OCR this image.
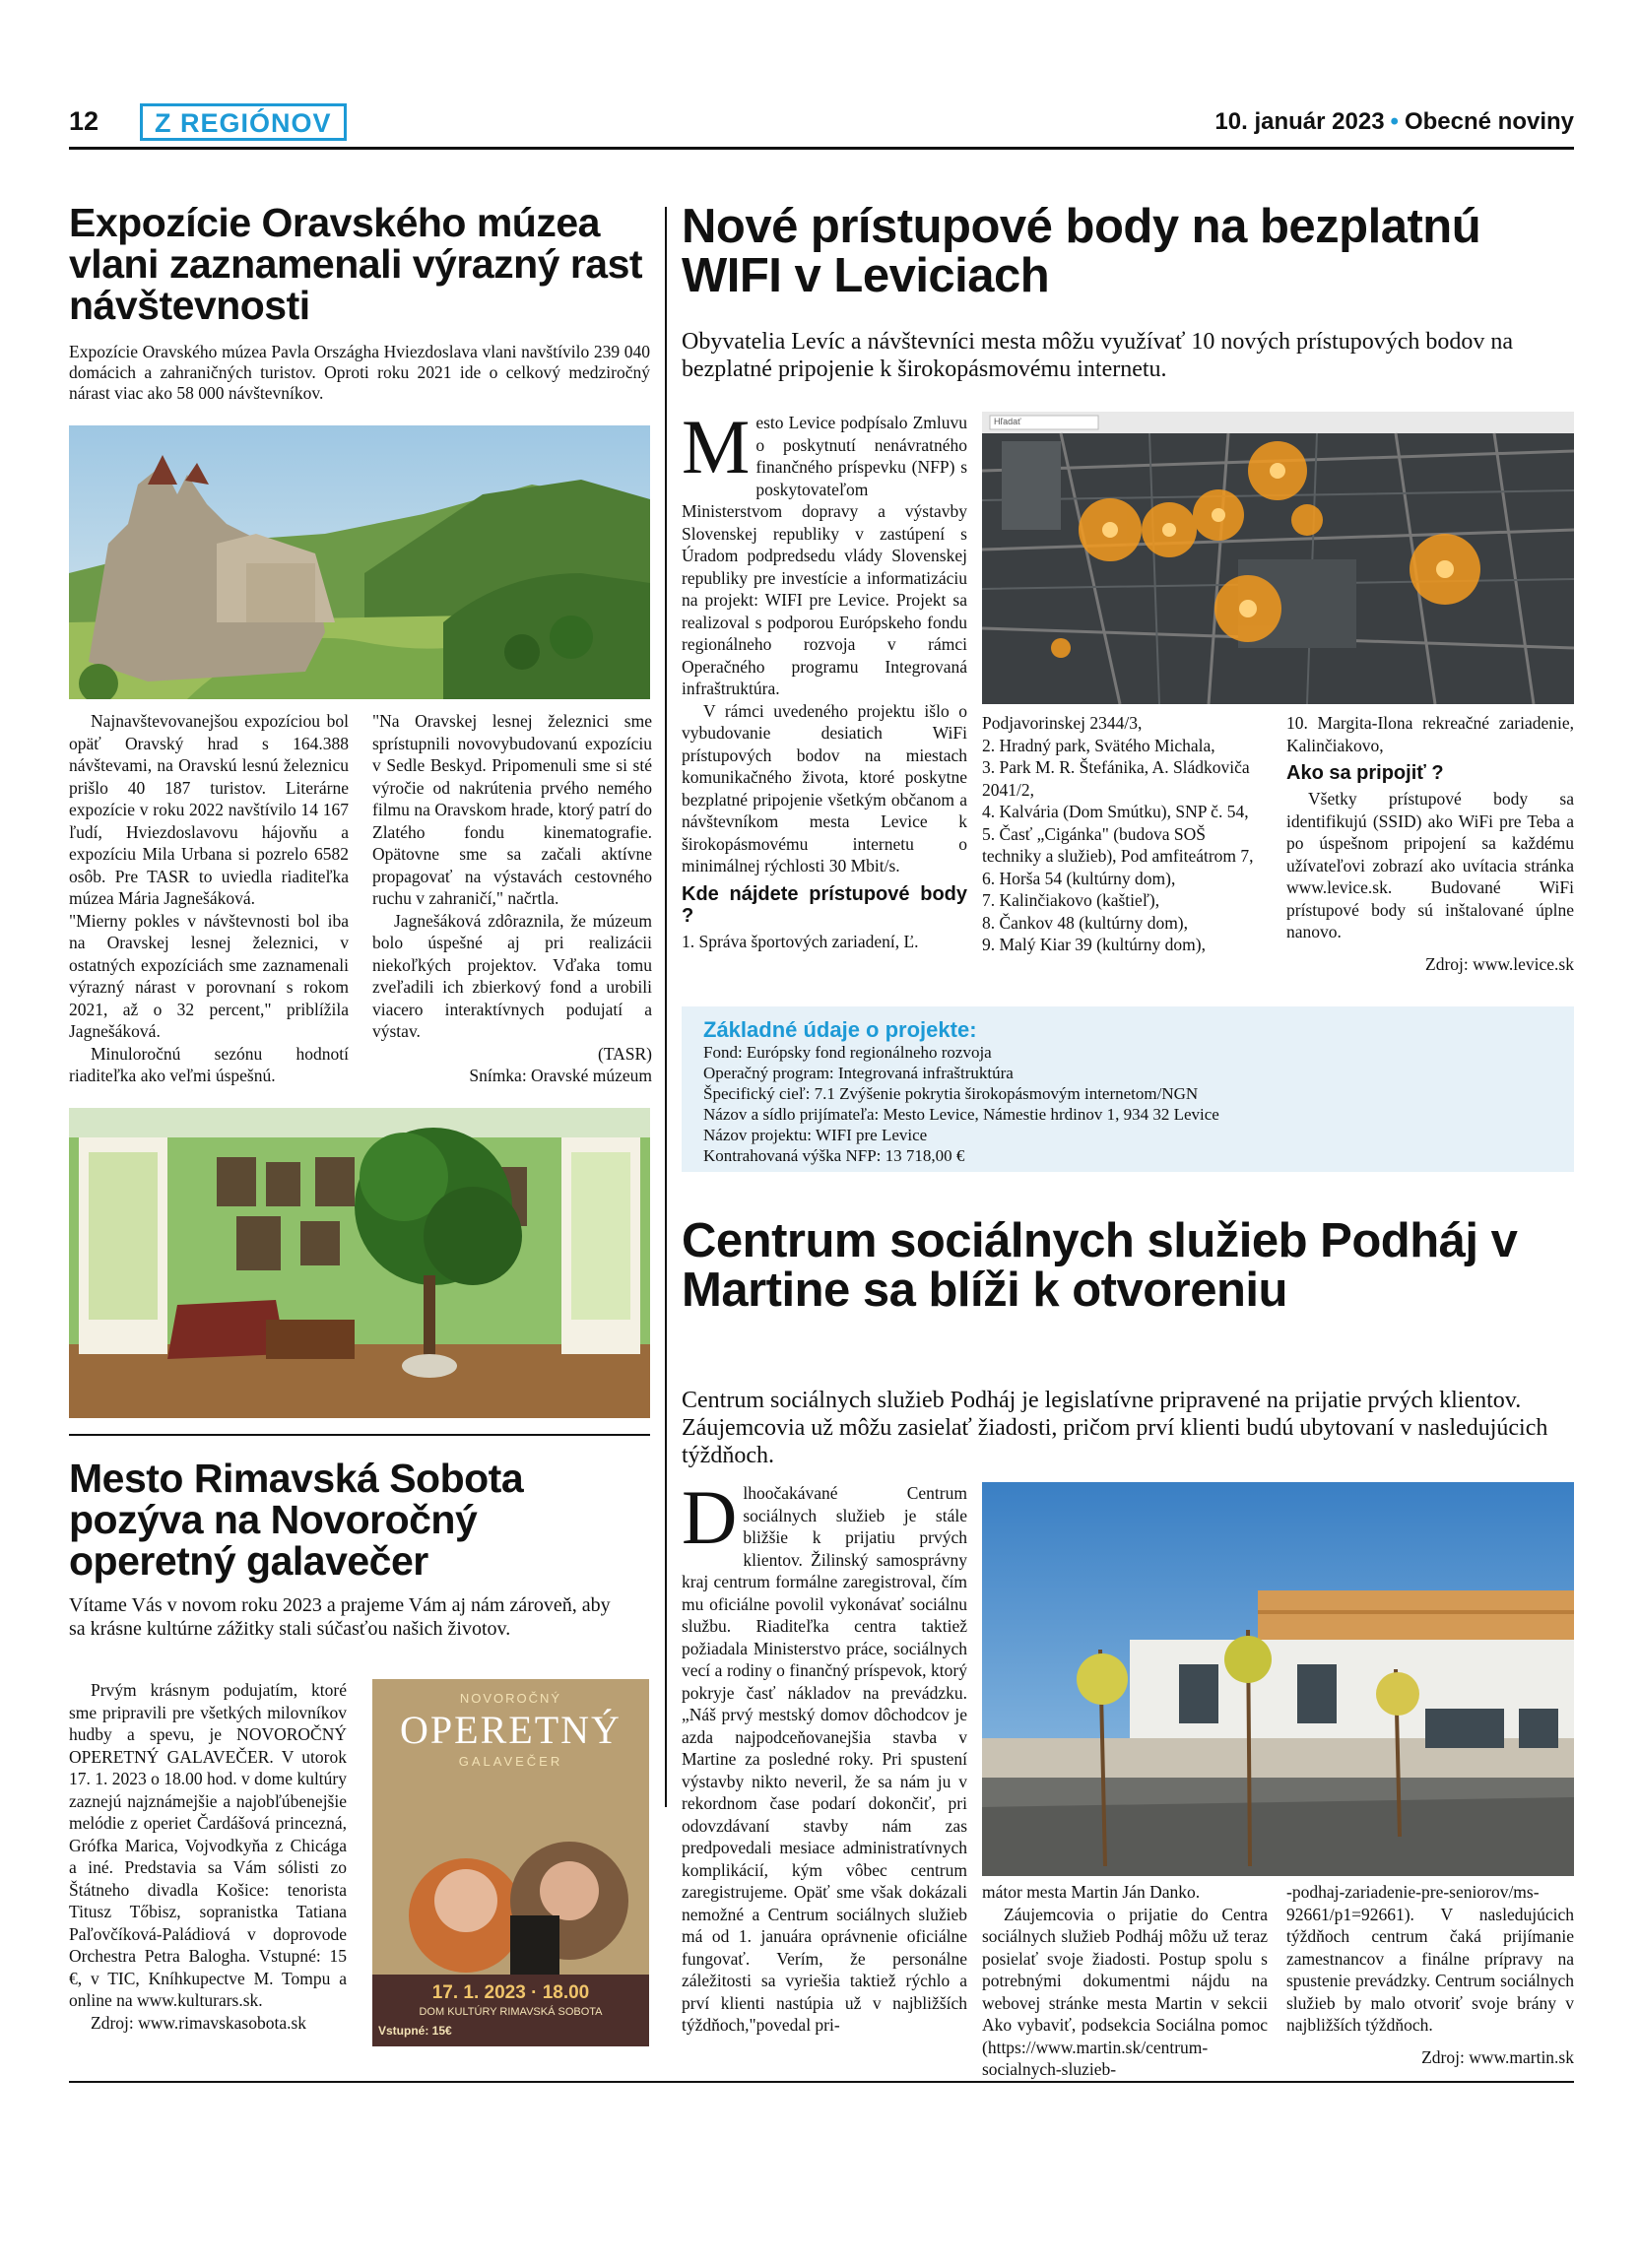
12	Z REGIÓNOV	10. január 2023 • Obecné noviny
Expozície Oravského múzea vlani zaznamenali výrazný rast návštevnosti
Expozície Oravského múzea Pavla Országha Hviezdoslava vlani navštívilo 239 040 domácich a zahraničných turistov. Oproti roku 2021 ide o celkový medziročný nárast viac ako 58 000 návštevníkov.

Najnavštevovanejšou expozíciou bol opäť Oravský hrad s 164.388 návštevami, na Oravskú lesnú železnicu prišlo 40 187 turistov. Literárne expozície v roku 2022 navštívilo 14 167 ľudí, Hviezdoslavovu hájovňu a expozíciu Mila Urbana si pozrelo 6582 osôb. Pre TASR to uviedla riaditeľka múzea Mária Jagnešáková.

"Mierny pokles v návštevnosti bol iba na Oravskej lesnej železnici, v ostatných expozíciách sme zaznamenali výrazný nárast v porovnaní s rokom 2021, až o 32 percent," priblížila Jagnešáková.

Minuloročnú sezónu hodnotí riaditeľka ako veľmi úspešnú.

"Na Oravskej lesnej železnici sme sprístupnili novovybudovanú expozíciu v Sedle Beskyd. Pripomenuli sme si sté výročie od nakrútenia prvého nemého filmu na Oravskom hrade, ktorý patrí do Zlatého fondu kinematografie. Opätovne sme sa začali aktívne propagovať na výstavách cestovného ruchu v zahraničí," načrtla.

Jagnešáková zdôraznila, že múzeum bolo úspešné aj pri realizácii niekoľkých projektov. Vďaka tomu zveľadili ich zbierkový fond a urobili viacero interaktívnych podujatí a výstav.

(TASR)

Snímka: Oravské múzeum

Mesto Rimavská Sobota pozýva na Novoročný operetný galavečer
Vítame Vás v novom roku 2023 a prajeme Vám aj nám zároveň, aby sa krásne kultúrne zážitky stali súčasťou našich životov.

Prvým krásnym podujatím, ktoré sme pripravili pre všetkých milovníkov hudby a spevu, je NOVOROČNÝ OPERETNÝ GALAVEČER. V utorok 17. 1. 2023 o 18.00 hod. v dome kultúry zaznejú najznámejšie a najobľúbenejšie melódie z operiet Čardášová princezná, Grófka Marica, Vojvodkyňa z Chicága a iné. Predstavia sa Vám sólisti zo Štátneho divadla Košice: tenorista Titusz Tőbisz, sopranistka Tatiana Paľovčíková-Paládiová v doprovode Orchestra Petra Balogha. Vstupné: 15 €, v TIC, Kníhkupectve M. Tompu a online na www.kulturars.sk.

Zdroj: www.rimavskasobota.sk

NOVOROČNÝ
OPERETNÝ
GALAVEČER
17. 1. 2023 · 18.00
DOM KULTÚRY RIMAVSKÁ SOBOTA
Vstupné: 15€
Nové prístupové body na bezplatnú WIFI v Leviciach
Obyvatelia Levíc a návštevníci mesta môžu využívať 10 nových prístupových bodov na bezplatné pripojenie k širokopásmovému internetu.

Mesto Levice podpísalo Zmluvu o poskytnutí nenávratného finančného príspevku (NFP) s poskytovateľom Ministerstvom dopravy a výstavby Slovenskej republiky v zastúpení s Úradom podpredsedu vlády Slovenskej republiky pre investície a informatizáciu na projekt: WIFI pre Levice. Projekt sa realizoval s podporou Európskeho fondu regionálneho rozvoja v rámci Operačného programu Integrovaná infraštruktúra.

V rámci uvedeného projektu išlo o vybudovanie desiatich WiFi prístupových bodov na miestach komunikačného života, ktoré poskytne bezplatné pripojenie všetkým občanom a návštevníkom mesta Levice k širokopásmovému internetu o minimálnej rýchlosti 30 Mbit/s.

Kde nájdete prístupové body ?

1. Správa športových zariadení, Ľ.

Hľadať
Podjavorinskej 2344/3,
2. Hradný park, Svätého Michala,
3. Park M. R. Štefánika, A. Sládkoviča 2041/2,
4. Kalvária (Dom Smútku), SNP č. 54,
5. Časť „Cigánka" (budova SOŠ techniky a služieb), Pod amfiteátrom 7,
6. Horša 54 (kultúrny dom),
7. Kalinčiakovo (kaštieľ),
8. Čankov 48 (kultúrny dom),
9. Malý Kiar 39 (kultúrny dom),

10. Margita-Ilona rekreačné zariadenie, Kalinčiakovo,

Ako sa pripojiť ?

Všetky prístupové body sa identifikujú (SSID) ako WiFi pre Teba a po úspešnom pripojení sa každému užívateľovi zobrazí ako uvítacia stránka www.levice.sk. Budované WiFi prístupové body sú inštalované úplne nanovo.

Zdroj: www.levice.sk

Základné údaje o projekte:
Fond: Európsky fond regionálneho rozvoja
Operačný program: Integrovaná infraštruktúra
Špecifický cieľ: 7.1 Zvýšenie pokrytia širokopásmovým internetom/NGN
Názov a sídlo prijímateľa: Mesto Levice, Námestie hrdinov 1, 934 32 Levice
Názov projektu: WIFI pre Levice
Kontrahovaná výška NFP: 13 718,00 €
Centrum sociálnych služieb Podháj v Martine sa blíži k otvoreniu
Centrum sociálnych služieb Podháj je legislatívne pripravené na prijatie prvých klientov. Záujemcovia už môžu zasielať žiadosti, pričom prví klienti budú ubytovaní v nasledujúcich týždňoch.

Dlhoočakávané Centrum sociálnych služieb je stále bližšie k prijatiu prvých klientov. Žilinský samosprávny kraj centrum formálne zaregistroval, čím mu oficiálne povolil vykonávať sociálnu službu. Riaditeľka centra taktiež požiadala Ministerstvo práce, sociálnych vecí a rodiny o finančný príspevok, ktorý pokryje časť nákladov na prevádzku. „Náš prvý mestský domov dôchodcov je azda najpodceňovanejšia stavba v Martine za posledné roky. Pri spustení výstavby nikto neveril, že sa nám ju v rekordnom čase podarí dokončiť, pri odovzdávaní stavby nám zas predpovedali mesiace administratívnych komplikácií, kým vôbec centrum zaregistrujeme. Opäť sme však dokázali nemožné a Centrum sociálnych služieb má od 1. januára oprávnenie oficiálne fungovať. Verím, že personálne záležitosti sa vyriešia taktiež rýchlo a prví klienti nastúpia už v najbližších týždňoch,"povedal pri-

mátor mesta Martin Ján Danko.

Záujemcovia o prijatie do Centra sociálnych služieb Podháj môžu už teraz posielať svoje žiadosti. Postup spolu s potrebnými dokumentmi nájdu na webovej stránke mesta Martin v sekcii Ako vybaviť, podsekcia Sociálna pomoc (https://www.martin.sk/centrum-socialnych-sluzieb-

-podhaj-zariadenie-pre-seniorov/ms-92661/p1=92661). V nasledujúcich týždňoch centrum čaká prijímanie zamestnancov a finálne prípravy na spustenie prevádzky. Centrum sociálnych služieb by malo otvoriť svoje brány v najbližších týždňoch.

Zdroj: www.martin.sk
